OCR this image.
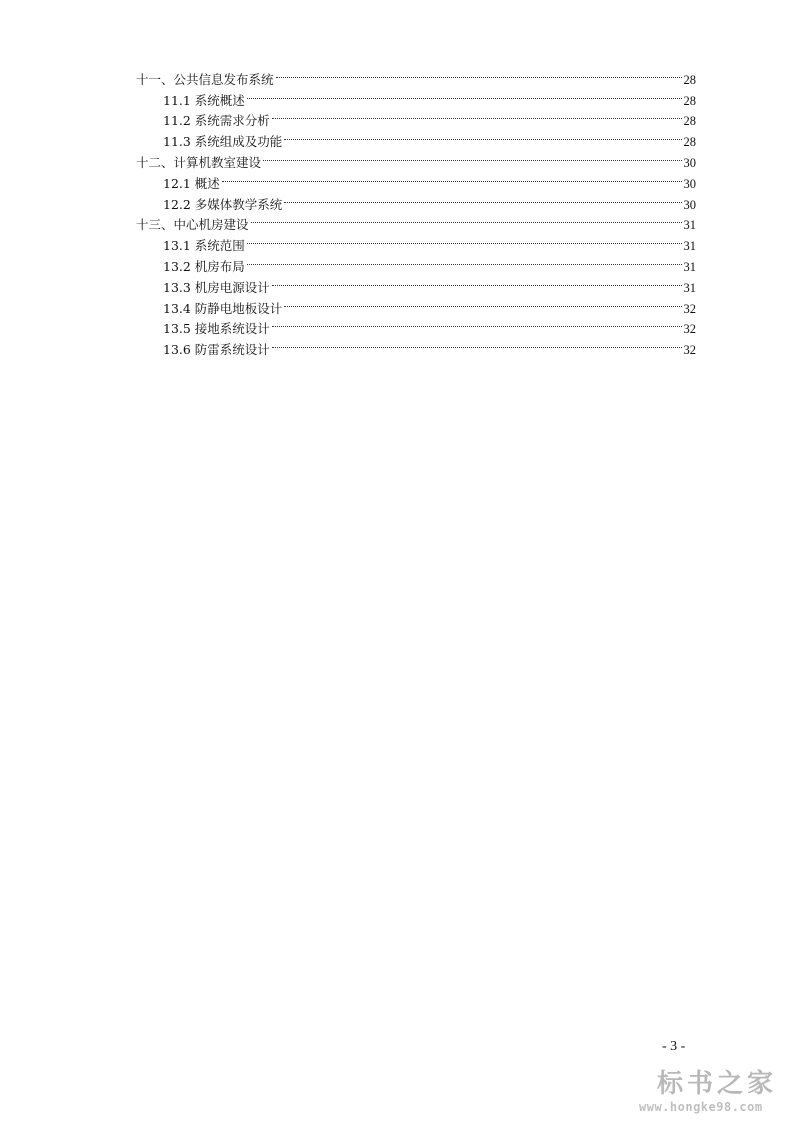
十一、公共信息发布系统	28
11.1 系统概述	28
11.2 系统需求分析	28
11.3 系统组成及功能	28
十二、计算机教室建设	30
12.1 概述	30
12.2 多媒体教学系统	30
十三、中心机房建设	31
13.1 系统范围	31
13.2 机房布局	31
13.3 机房电源设计	31
13.4 防静电地板设计	32
13.5 接地系统设计	32
13.6 防雷系统设计	32
- 3 -
标书之家
www.hongke98.com
